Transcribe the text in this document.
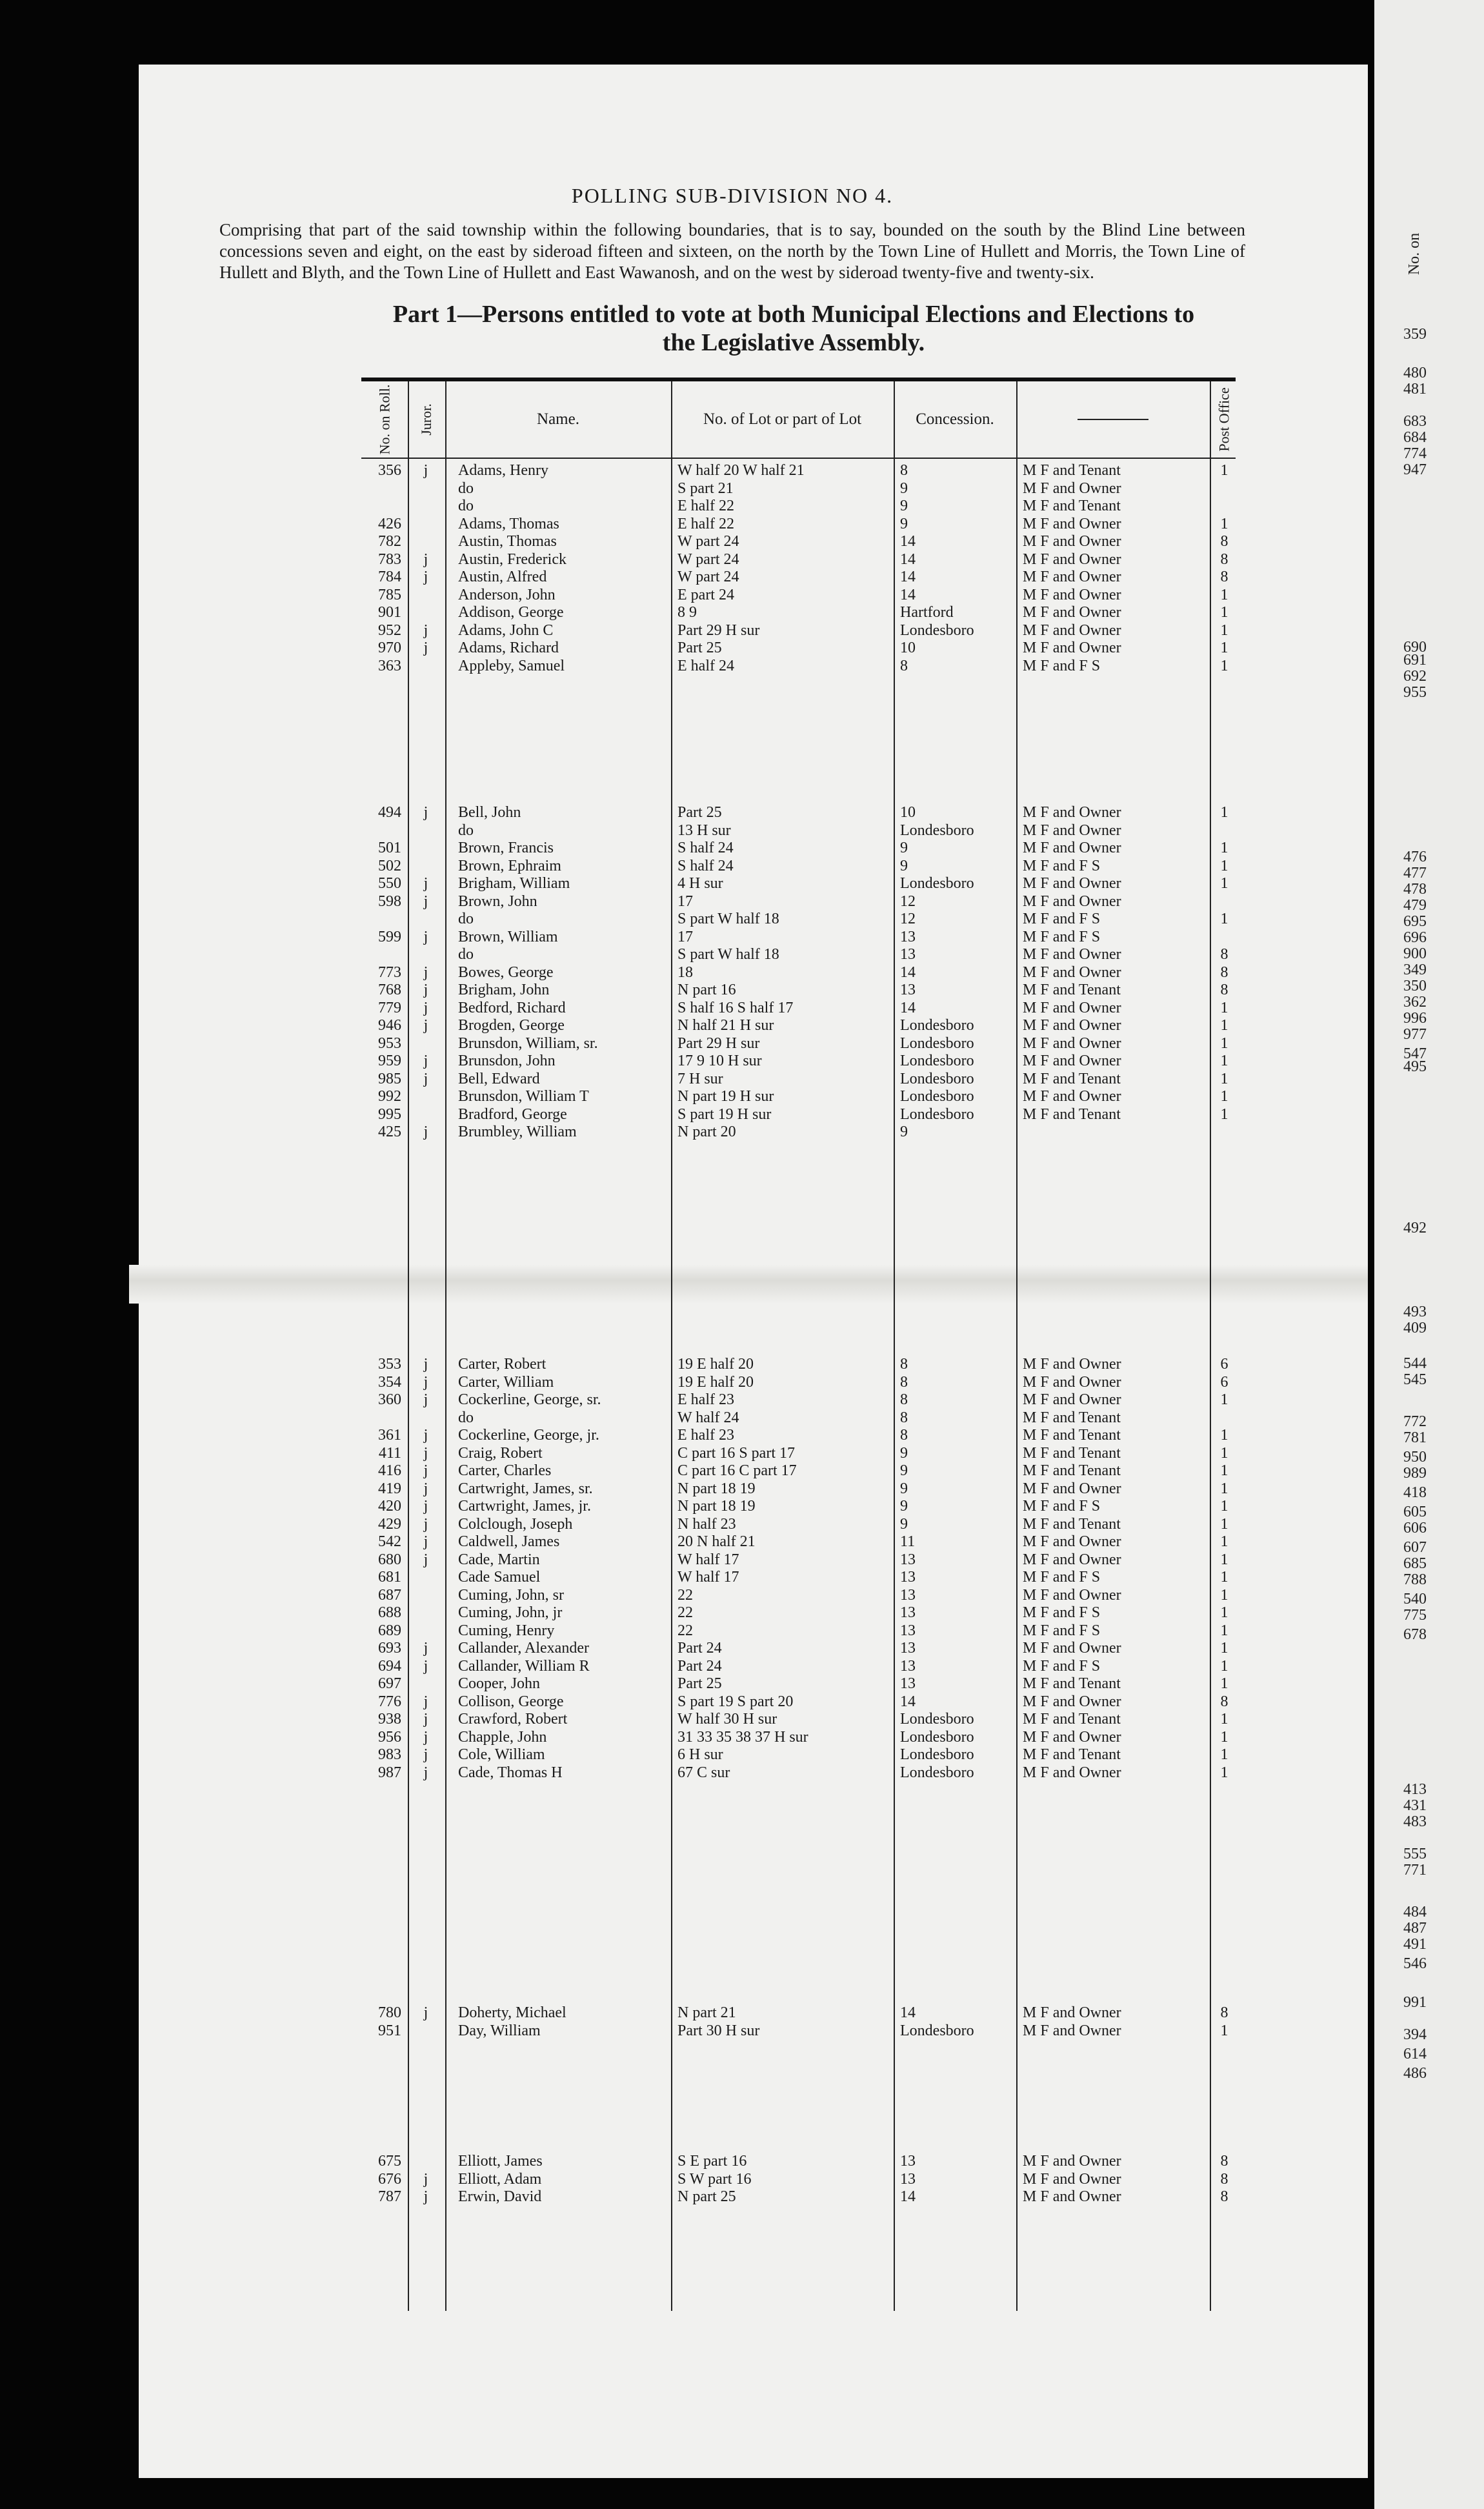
POLLING SUB-DIVISION NO 4.
Comprising that part of the said township within the following boundaries, that is to say, bounded on the south by the Blind Line between concessions seven and eight, on the east by sideroad fifteen and sixteen, on the north by the Town Line of Hullett and Morris, the Town Line of Hullett and Blyth, and the Town Line of Hullett and East Wawanosh, and on the west by sideroad twenty-five and twenty-six.
Part 1—Persons entitled to vote at both Municipal Elections and Elections to
the Legislative Assembly.
No. on Roll. Juror.	Name.	No. of Lot or part of Lot	Concession.	Post Office
356	j	Adams, Henry	W half 20 W half 21	8	M F and Tenant	1
do	S part 21	9	M F and Owner
do	E half 22	9	M F and Tenant
426	Adams, Thomas	E half 22	9	M F and Owner	1
782	Austin, Thomas	W part 24	14	M F and Owner	8
783	j	Austin, Frederick	W part 24	14	M F and Owner	8
784	j	Austin, Alfred	W part 24	14	M F and Owner	8
785	Anderson, John	E part 24	14	M F and Owner	1
901	Addison, George	8 9	Hartford	M F and Owner	1
952	j	Adams, John C	Part 29 H sur	Londesboro	M F and Owner	1
970	j	Adams, Richard	Part 25	10	M F and Owner	1
363	Appleby, Samuel	E half 24	8	M F and F S	1
494	j	Bell, John	Part 25	10	M F and Owner	1
do	13 H sur	Londesboro	M F and Owner
501	Brown, Francis	S half 24	9	M F and Owner	1
502	Brown, Ephraim	S half 24	9	M F and F S	1
550	j	Brigham, William	4 H sur	Londesboro	M F and Owner	1
598	j	Brown, John	17	12	M F and Owner
do	S part W half 18	12	M F and F S	1
599	j	Brown, William	17	13	M F and F S
do	S part W half 18	13	M F and Owner	8
773	j	Bowes, George	18	14	M F and Owner	8
768	j	Brigham, John	N part 16	13	M F and Tenant	8
779	j	Bedford, Richard	S half 16 S half 17	14	M F and Owner	1
946	j	Brogden, George	N half 21 H sur	Londesboro	M F and Owner	1
953	Brunsdon, William, sr.	Part 29 H sur	Londesboro	M F and Owner	1
959	j	Brunsdon, John	17 9 10 H sur	Londesboro	M F and Owner	1
985	j	Bell, Edward	7 H sur	Londesboro	M F and Tenant	1
992	Brunsdon, William T	N part 19 H sur	Londesboro	M F and Owner	1
995	Bradford, George	S part 19 H sur	Londesboro	M F and Tenant	1
425	j	Brumbley, William	N part 20	9
353	j	Carter, Robert	19 E half 20	8	M F and Owner	6
354	j	Carter, William	19 E half 20	8	M F and Owner	6
360	j	Cockerline, George, sr.	E half 23	8	M F and Owner	1
do	W half 24	8	M F and Tenant
361	j	Cockerline, George, jr.	E half 23	8	M F and Tenant	1
411	j	Craig, Robert	C part 16 S part 17	9	M F and Tenant	1
416	j	Carter, Charles	C part 16 C part 17	9	M F and Tenant	1
419	j	Cartwright, James, sr.	N part 18 19	9	M F and Owner	1
420	j	Cartwright, James, jr.	N part 18 19	9	M F and F S	1
429	j	Colclough, Joseph	N half 23	9	M F and Tenant	1
542	j	Caldwell, James	20 N half 21	11	M F and Owner	1
680	j	Cade, Martin	W half 17	13	M F and Owner	1
681	Cade Samuel	W half 17	13	M F and F S	1
687	Cuming, John, sr	22	13	M F and Owner	1
688	Cuming, John, jr	22	13	M F and F S	1
689	Cuming, Henry	22	13	M F and F S	1
693	j	Callander, Alexander	Part 24	13	M F and Owner	1
694	j	Callander, William R	Part 24	13	M F and F S	1
697	Cooper, John	Part 25	13	M F and Tenant	1
776	j	Collison, George	S part 19 S part 20	14	M F and Owner	8
938	j	Crawford, Robert	W half 30 H sur	Londesboro	M F and Tenant	1
956	j	Chapple, John	31 33 35 38 37 H sur	Londesboro	M F and Owner	1
983	j	Cole, William	6 H sur	Londesboro	M F and Tenant	1
987	j	Cade, Thomas H	67 C sur	Londesboro	M F and Owner	1
780	j	Doherty, Michael	N part 21	14	M F and Owner	8
951	Day, William	Part 30 H sur	Londesboro	M F and Owner	1
675	Elliott, James	S E part 16	13	M F and Owner	8
676	j	Elliott, Adam	S W part 16	13	M F and Owner	8
787	j	Erwin, David	N part 25	14	M F and Owner	8
No. on
359
480
481
683
684
774
947
690
691
692
955
476
477
478
479
695
696
900
349
350
362
996
977
547
495
492
493
409
544
545
772
781
950
989
418
605
606
607
685
788
540
775
678
413
431
483
555
771
484
487
491
546
991
394
614
486
